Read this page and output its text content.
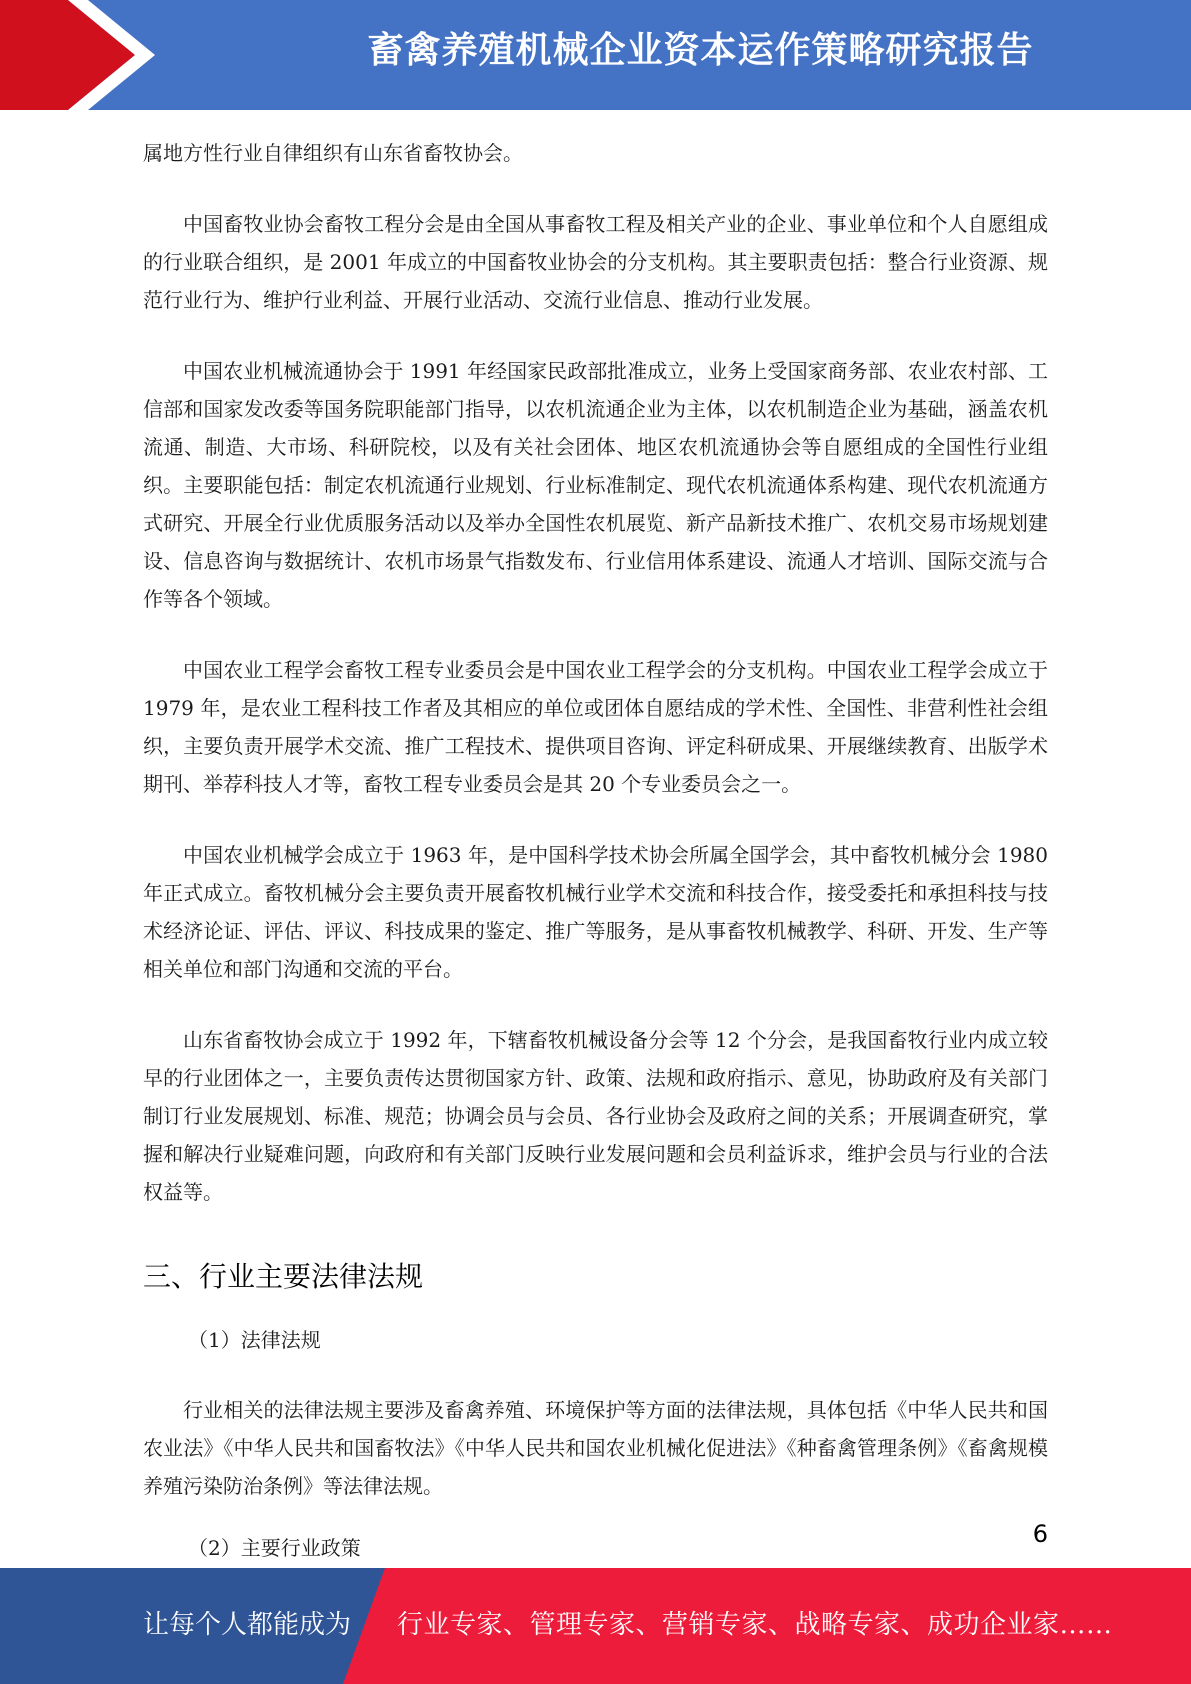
畜禽养殖机械企业资本运作策略研究报告

属地方性行业自律组织有山东省畜牧协会。

中国畜牧业协会畜牧工程分会是由全国从事畜牧工程及相关产业的企业、事业单位和个人自愿组成的行业联合组织，是 2001 年成立的中国畜牧业协会的分支机构。其主要职责包括：整合行业资源、规范行业行为、维护行业利益、开展行业活动、交流行业信息、推动行业发展。

中国农业机械流通协会于 1991 年经国家民政部批准成立，业务上受国家商务部、农业农村部、工信部和国家发改委等国务院职能部门指导，以农机流通企业为主体，以农机制造企业为基础，涵盖农机流通、制造、大市场、科研院校，以及有关社会团体、地区农机流通协会等自愿组成的全国性行业组织。主要职能包括：制定农机流通行业规划、行业标准制定、现代农机流通体系构建、现代农机流通方式研究、开展全行业优质服务活动以及举办全国性农机展览、新产品新技术推广、农机交易市场规划建设、信息咨询与数据统计、农机市场景气指数发布、行业信用体系建设、流通人才培训、国际交流与合作等各个领域。

中国农业工程学会畜牧工程专业委员会是中国农业工程学会的分支机构。中国农业工程学会成立于 1979 年，是农业工程科技工作者及其相应的单位或团体自愿结成的学术性、全国性、非营利性社会组织，主要负责开展学术交流、推广工程技术、提供项目咨询、评定科研成果、开展继续教育、出版学术期刊、举荐科技人才等，畜牧工程专业委员会是其 20 个专业委员会之一。

中国农业机械学会成立于 1963 年，是中国科学技术协会所属全国学会，其中畜牧机械分会 1980 年正式成立。畜牧机械分会主要负责开展畜牧机械行业学术交流和科技合作，接受委托和承担科技与技术经济论证、评估、评议、科技成果的鉴定、推广等服务，是从事畜牧机械教学、科研、开发、生产等相关单位和部门沟通和交流的平台。

山东省畜牧协会成立于 1992 年，下辖畜牧机械设备分会等 12 个分会，是我国畜牧行业内成立较早的行业团体之一，主要负责传达贯彻国家方针、政策、法规和政府指示、意见，协助政府及有关部门制订行业发展规划、标准、规范；协调会员与会员、各行业协会及政府之间的关系；开展调查研究，掌握和解决行业疑难问题，向政府和有关部门反映行业发展问题和会员利益诉求，维护会员与行业的合法权益等。

三、行业主要法律法规
（1）法律法规

行业相关的法律法规主要涉及畜禽养殖、环境保护等方面的法律法规，具体包括《中华人民共和国农业法》《中华人民共和国畜牧法》《中华人民共和国农业机械化促进法》《种畜禽管理条例》《畜禽规模养殖污染防治条例》等法律法规。

（2）主要行业政策	6
让每个人都能成为 行业专家、管理专家、营销专家、战略专家、成功企业家……
